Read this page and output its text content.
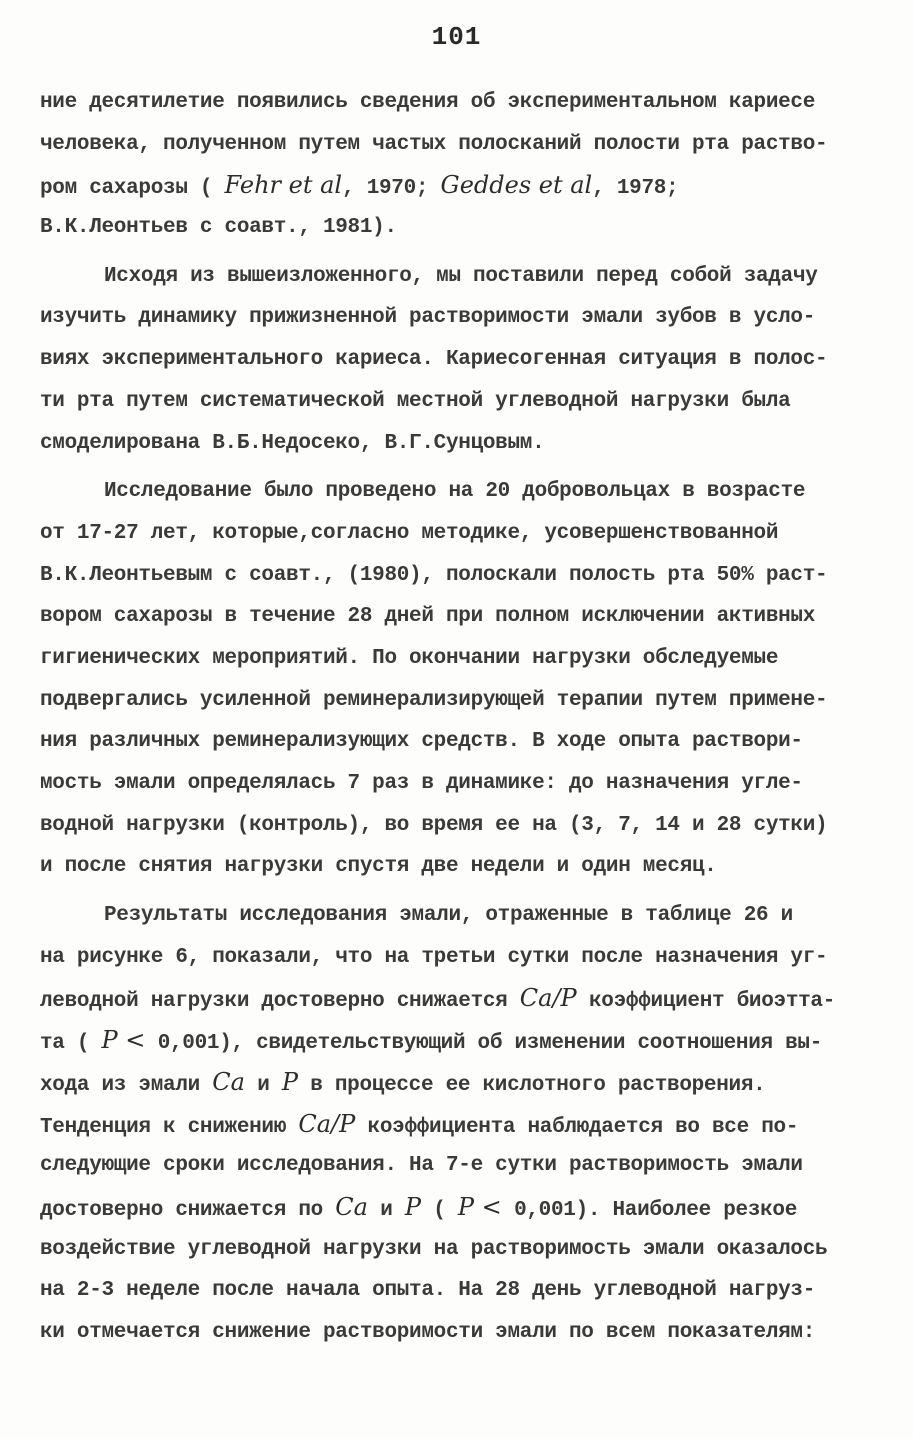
101
ние десятилетие появились сведения об экспериментальном кариесе
человека, полученном путем частых полосканий полости рта раство-
ром сахарозы ( Fehr et al, 1970; Geddes et al, 1978;
В.К.Леонтьев с соавт., 1981).
Исходя из вышеизложенного, мы поставили перед собой задачу
изучить динамику прижизненной растворимости эмали зубов в усло-
виях экспериментального кариеса. Кариесогенная ситуация в полос-
ти рта путем систематической местной углеводной нагрузки была
смоделирована В.Б.Недосеко, В.Г.Сунцовым.
Исследование было проведено на 20 добровольцах в возрасте
от 17-27 лет, которые,согласно методике, усовершенствованной
В.К.Леонтьевым с соавт., (1980), полоскали полость рта 50% раст-
вором сахарозы в течение 28 дней при полном исключении активных
гигиенических мероприятий. По окончании нагрузки обследуемые
подвергались усиленной реминерализирующей терапии путем примене-
ния различных реминерализующих средств. В ходе опыта раствори-
мость эмали определялась 7 раз в динамике: до назначения угле-
водной нагрузки (контроль), во время ее на (3, 7, 14 и 28 сутки)
и после снятия нагрузки спустя две недели и один месяц.
Результаты исследования эмали, отраженные в таблице 26 и
на рисунке 6, показали, что на третьи сутки после назначения уг-
леводной нагрузки достоверно снижается Ca/P коэффициент биоэтта-
та ( P < 0,001), свидетельствующий об изменении соотношения вы-
хода из эмали Ca и P в процессе ее кислотного растворения.
Тенденция к снижению Ca/P коэффициента наблюдается во все по-
следующие сроки исследования. На 7-е сутки растворимость эмали
достоверно снижается по Ca и P ( P < 0,001). Наиболее резкое
воздействие углеводной нагрузки на растворимость эмали оказалось
на 2-3 неделе после начала опыта. На 28 день углеводной нагруз-
ки отмечается снижение растворимости эмали по всем показателям:
